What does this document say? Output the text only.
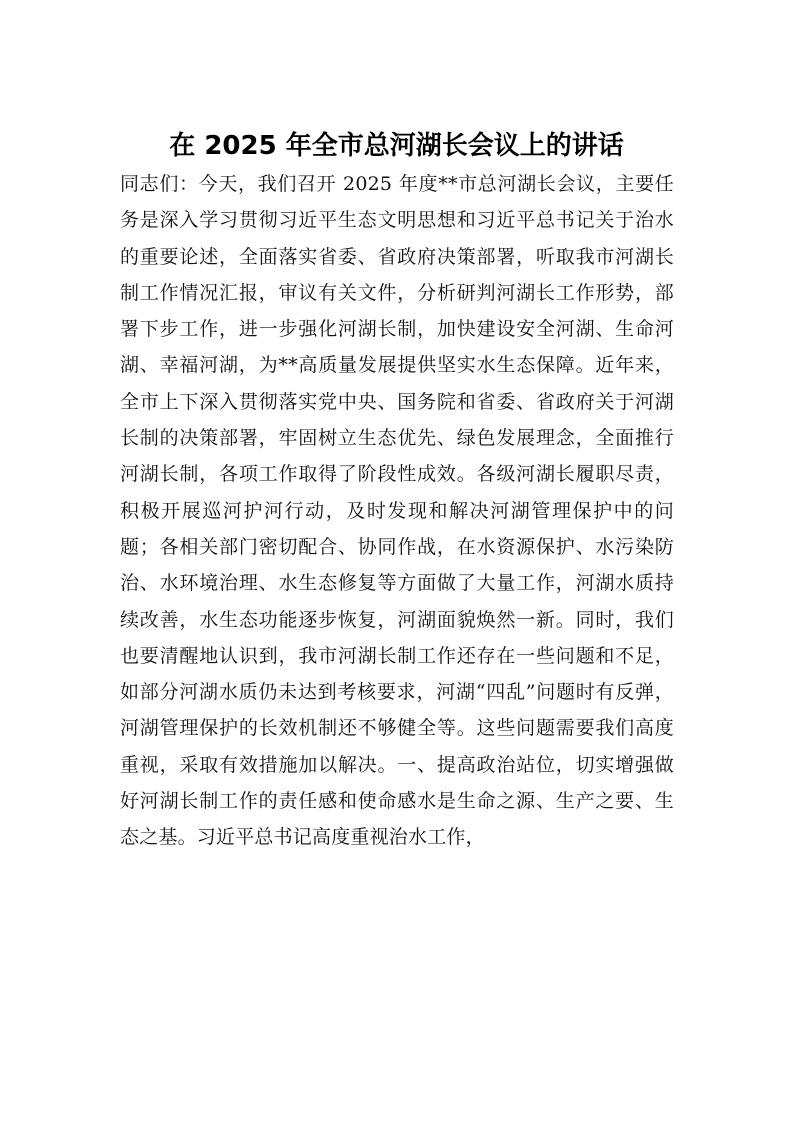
在 2025 年全市总河湖长会议上的讲话

同志们：今天，我们召开 2025 年度**市总河湖长会议，主要任务是深入学习贯彻习近平生态文明思想和习近平总书记关于治水的重要论述，全面落实省委、省政府决策部署，听取我市河湖长制工作情况汇报，审议有关文件，分析研判河湖长工作形势，部署下步工作，进一步强化河湖长制，加快建设安全河湖、生命河湖、幸福河湖，为**高质量发展提供坚实水生态保障。近年来，全市上下深入贯彻落实党中央、国务院和省委、省政府关于河湖长制的决策部署，牢固树立生态优先、绿色发展理念，全面推行河湖长制，各项工作取得了阶段性成效。各级河湖长履职尽责，积极开展巡河护河行动，及时发现和解决河湖管理保护中的问题；各相关部门密切配合、协同作战，在水资源保护、水污染防治、水环境治理、水生态修复等方面做了大量工作，河湖水质持续改善，水生态功能逐步恢复，河湖面貌焕然一新。同时，我们也要清醒地认识到，我市河湖长制工作还存在一些问题和不足，如部分河湖水质仍未达到考核要求，河湖“四乱”问题时有反弹，河湖管理保护的长效机制还不够健全等。这些问题需要我们高度重视，采取有效措施加以解决。一、提高政治站位，切实增强做好河湖长制工作的责任感和使命感水是生命之源、生产之要、生态之基。习近平总书记高度重视治水工作，
